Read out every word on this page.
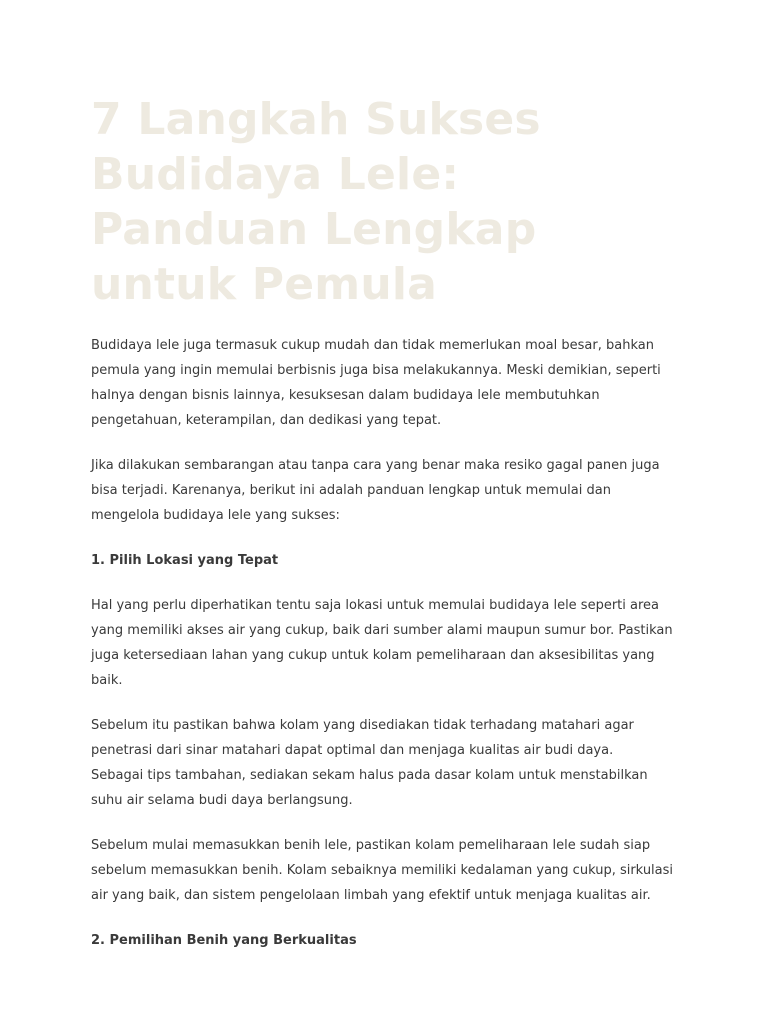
7 Langkah Sukses Budidaya Lele: Panduan Lengkap untuk Pemula

Budidaya lele juga termasuk cukup mudah dan tidak memerlukan moal besar, bahkan pemula yang ingin memulai berbisnis juga bisa melakukannya. Meski demikian, seperti halnya dengan bisnis lainnya, kesuksesan dalam budidaya lele membutuhkan pengetahuan, keterampilan, dan dedikasi yang tepat.

Jika dilakukan sembarangan atau tanpa cara yang benar maka resiko gagal panen juga bisa terjadi. Karenanya, berikut ini adalah panduan lengkap untuk memulai dan mengelola budidaya lele yang sukses:

1. Pilih Lokasi yang Tepat

Hal yang perlu diperhatikan tentu saja lokasi untuk memulai budidaya lele seperti area yang memiliki akses air yang cukup, baik dari sumber alami maupun sumur bor. Pastikan juga ketersediaan lahan yang cukup untuk kolam pemeliharaan dan aksesibilitas yang baik.

Sebelum itu pastikan bahwa kolam yang disediakan tidak terhadang matahari agar penetrasi dari sinar matahari dapat optimal dan menjaga kualitas air budi daya. Sebagai tips tambahan, sediakan sekam halus pada dasar kolam untuk menstabilkan suhu air selama budi daya berlangsung.

Sebelum mulai memasukkan benih lele, pastikan kolam pemeliharaan lele sudah siap sebelum memasukkan benih. Kolam sebaiknya memiliki kedalaman yang cukup, sirkulasi air yang baik, dan sistem pengelolaan limbah yang efektif untuk menjaga kualitas air.

2. Pemilihan Benih yang Berkualitas
